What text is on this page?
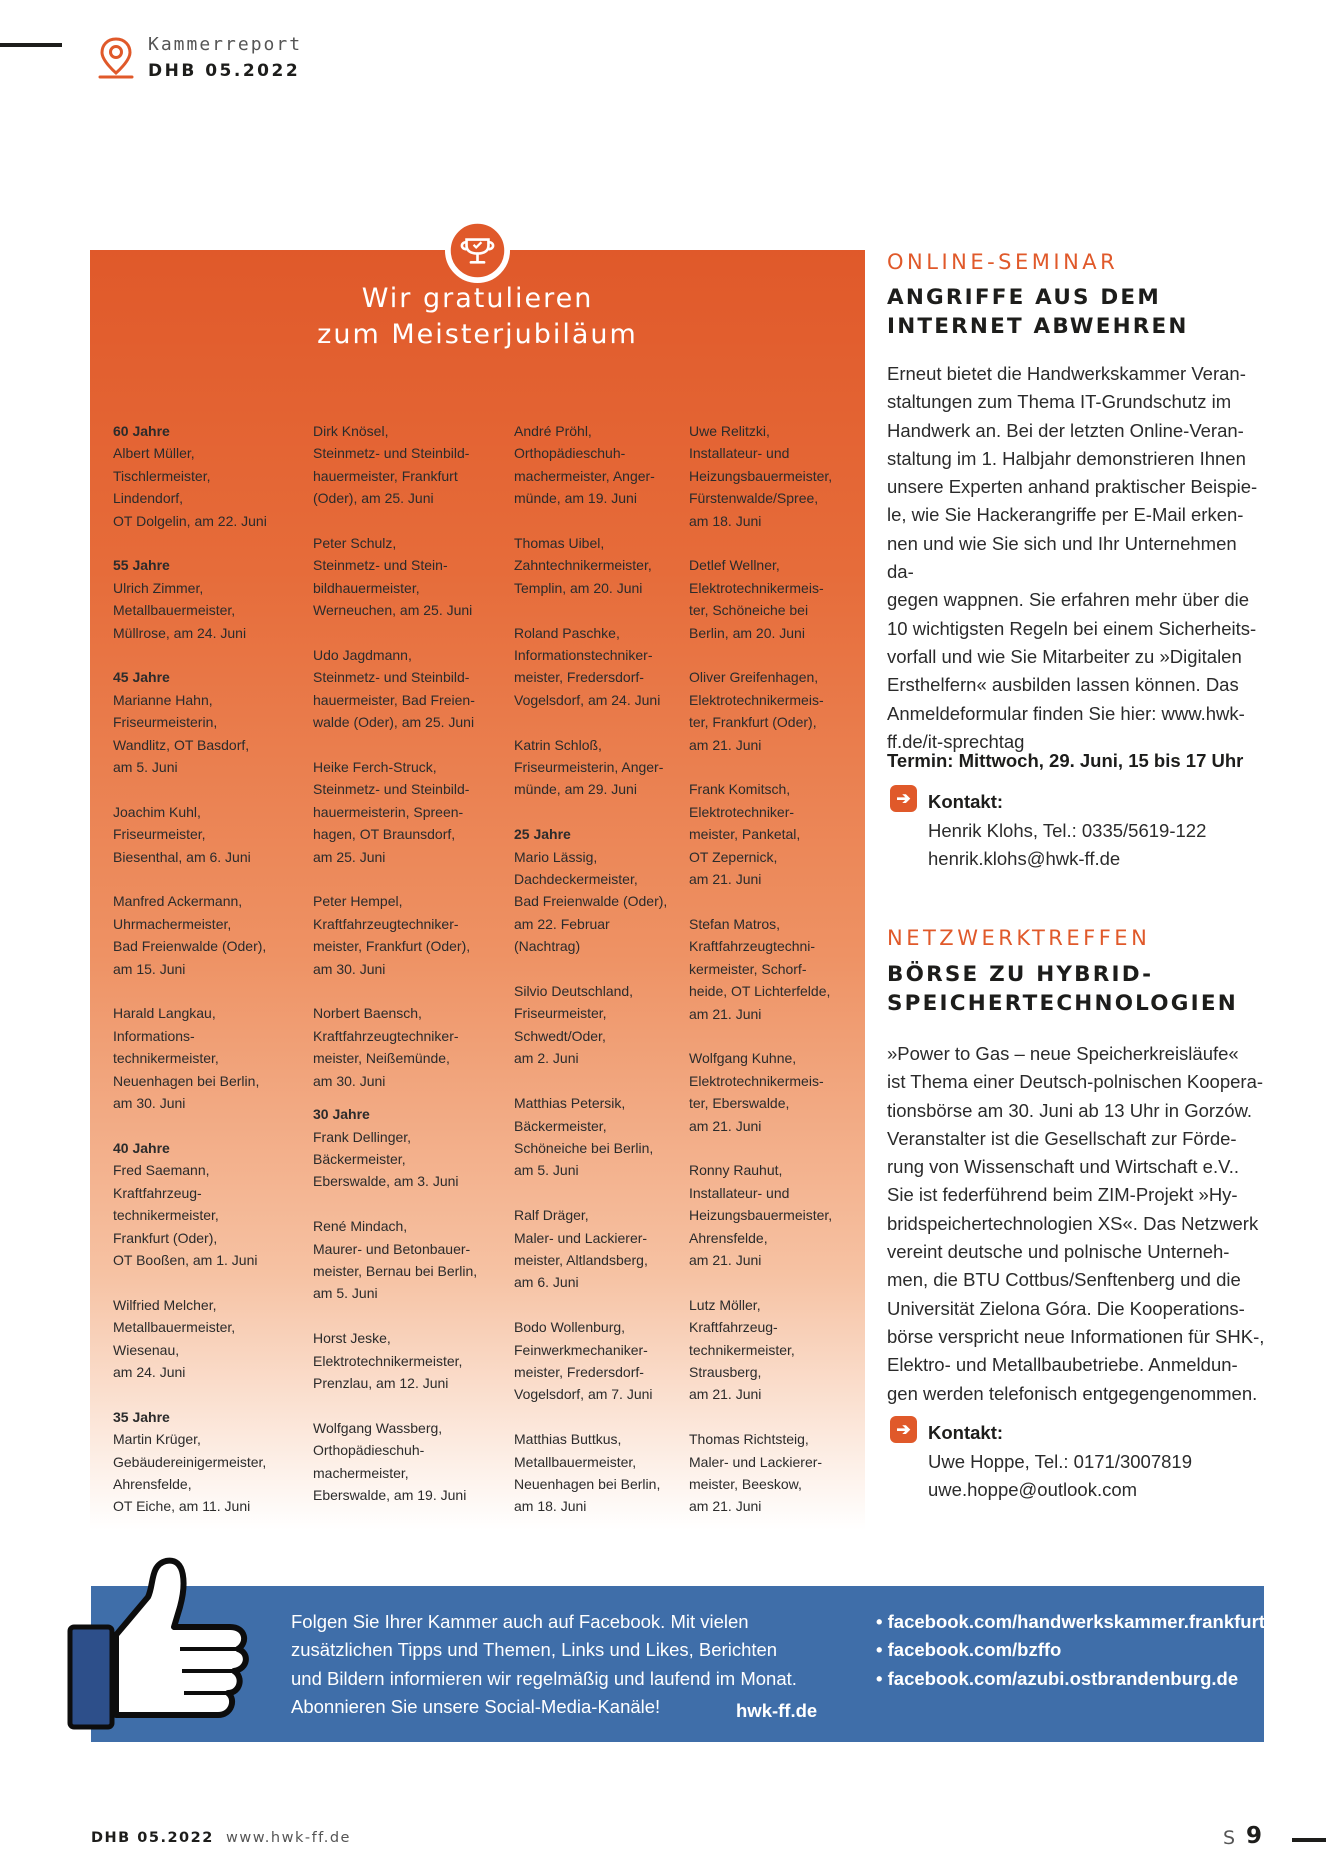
Kammerreport
DHB 05.2022
Wir gratulieren
zum Meisterjubiläum
60 Jahre
Albert Müller,
Tischlermeister,
Lindendorf,
OT Dolgelin, am 22. Juni
55 Jahre
Ulrich Zimmer,
Metallbauermeister,
Müllrose, am 24. Juni
45 Jahre
Marianne Hahn,
Friseurmeisterin,
Wandlitz, OT Basdorf,
am 5. Juni
Joachim Kuhl,
Friseurmeister,
Biesenthal, am 6. Juni
Manfred Ackermann,
Uhrmachermeister,
Bad Freienwalde (Oder),
am 15. Juni
Harald Langkau,
Informations-
technikermeister,
Neuenhagen bei Berlin,
am 30. Juni
40 Jahre
Fred Saemann,
Kraftfahrzeug-
technikermeister,
Frankfurt (Oder),
OT Booßen, am 1. Juni
Wilfried Melcher,
Metallbauermeister,
Wiesenau,
am 24. Juni
35 Jahre
Martin Krüger,
Gebäudereinigermeister,
Ahrensfelde,
OT Eiche, am 11. Juni
Dirk Knösel,
Steinmetz- und Steinbild-
hauermeister, Frankfurt
(Oder), am 25. Juni
Peter Schulz,
Steinmetz- und Stein-
bildhauermeister,
Werneuchen, am 25. Juni
Udo Jagdmann,
Steinmetz- und Steinbild-
hauermeister, Bad Freien-
walde (Oder), am 25. Juni
Heike Ferch-Struck,
Steinmetz- und Steinbild-
hauermeisterin, Spreen-
hagen, OT Braunsdorf,
am 25. Juni
Peter Hempel,
Kraftfahrzeugtechniker-
meister, Frankfurt (Oder),
am 30. Juni
Norbert Baensch,
Kraftfahrzeugtechniker-
meister, Neißemünde,
am 30. Juni
30 Jahre
Frank Dellinger,
Bäckermeister,
Eberswalde, am 3. Juni
René Mindach,
Maurer- und Betonbauer-
meister, Bernau bei Berlin,
am 5. Juni
Horst Jeske,
Elektrotechnikermeister,
Prenzlau, am 12. Juni
Wolfgang Wassberg,
Orthopädieschuh-
machermeister,
Eberswalde, am 19. Juni
André Pröhl,
Orthopädieschuh-
machermeister, Anger-
münde, am 19. Juni
Thomas Uibel,
Zahntechnikermeister,
Templin, am 20. Juni
Roland Paschke,
Informationstechniker-
meister, Fredersdorf-
Vogelsdorf, am 24. Juni
Katrin Schloß,
Friseurmeisterin, Anger-
münde, am 29. Juni
25 Jahre
Mario Lässig,
Dachdeckermeister,
Bad Freienwalde (Oder),
am 22. Februar
(Nachtrag)
Silvio Deutschland,
Friseurmeister,
Schwedt/Oder,
am 2. Juni
Matthias Petersik,
Bäckermeister,
Schöneiche bei Berlin,
am 5. Juni
Ralf Dräger,
Maler- und Lackierer-
meister, Altlandsberg,
am 6. Juni
Bodo Wollenburg,
Feinwerkmechaniker-
meister, Fredersdorf-
Vogelsdorf, am 7. Juni
Matthias Buttkus,
Metallbauermeister,
Neuenhagen bei Berlin,
am 18. Juni
Uwe Relitzki,
Installateur- und
Heizungsbauermeister,
Fürstenwalde/Spree,
am 18. Juni
Detlef Wellner,
Elektrotechnikermeis-
ter, Schöneiche bei
Berlin, am 20. Juni
Oliver Greifenhagen,
Elektrotechnikermeis-
ter, Frankfurt (Oder),
am 21. Juni
Frank Komitsch,
Elektrotechniker-
meister, Panketal,
OT Zepernick,
am 21. Juni
Stefan Matros,
Kraftfahrzeugtechni-
kermeister, Schorf-
heide, OT Lichterfelde,
am 21. Juni
Wolfgang Kuhne,
Elektrotechnikermeis-
ter, Eberswalde,
am 21. Juni
Ronny Rauhut,
Installateur- und
Heizungsbauermeister,
Ahrensfelde,
am 21. Juni
Lutz Möller,
Kraftfahrzeug-
technikermeister,
Strausberg,
am 21. Juni
Thomas Richtsteig,
Maler- und Lackierer-
meister, Beeskow,
am 21. Juni
ONLINE-SEMINAR
ANGRIFFE AUS DEM
INTERNET ABWEHREN
Erneut bietet die Handwerkskammer Veran-
staltungen zum Thema IT-Grundschutz im
Handwerk an. Bei der letzten Online-Veran-
staltung im 1. Halbjahr demonstrieren Ihnen
unsere Experten anhand praktischer Beispie-
le, wie Sie Hackerangriffe per E-Mail erken-
nen und wie Sie sich und Ihr Unternehmen da-
gegen wappnen. Sie erfahren mehr über die
10 wichtigsten Regeln bei einem Sicherheits-
vorfall und wie Sie Mitarbeiter zu »Digitalen
Ersthelfern« ausbilden lassen können. Das
Anmeldeformular finden Sie hier: www.hwk-
ff.de/it-sprechtag
Termin: Mittwoch, 29. Juni, 15 bis 17 Uhr
➔ Kontakt:
Henrik Klohs, Tel.: 0335/5619-122
henrik.klohs@hwk-ff.de
NETZWERKTREFFEN
BÖRSE ZU HYBRID-
SPEICHERTECHNOLOGIEN
»Power to Gas – neue Speicherkreisläufe«
ist Thema einer Deutsch-polnischen Koopera-
tionsbörse am 30. Juni ab 13 Uhr in Gorzów.
Veranstalter ist die Gesellschaft zur Förde-
rung von Wissenschaft und Wirtschaft e.V..
Sie ist federführend beim ZIM-Projekt »Hy-
bridspeichertechnologien XS«. Das Netzwerk
vereint deutsche und polnische Unterneh-
men, die BTU Cottbus/Senftenberg und die
Universität Zielona Góra. Die Kooperations-
börse verspricht neue Informationen für SHK-,
Elektro- und Metallbaubetriebe. Anmeldun-
gen werden telefonisch entgegengenommen.
➔ Kontakt:
Uwe Hoppe, Tel.: 0171/3007819
uwe.hoppe@outlook.com
Folgen Sie Ihrer Kammer auch auf Facebook. Mit vielen
zusätzlichen Tipps und Themen, Links und Likes, Berichten
und Bildern informieren wir regelmäßig und laufend im Monat.
Abonnieren Sie unsere Social-Media-Kanäle!	hwk-ff.de
• facebook.com/handwerkskammer.frankfurt
• facebook.com/bzffo
• facebook.com/azubi.ostbrandenburg.de
DHB 05.2022 www.hwk-ff.de	S 9
